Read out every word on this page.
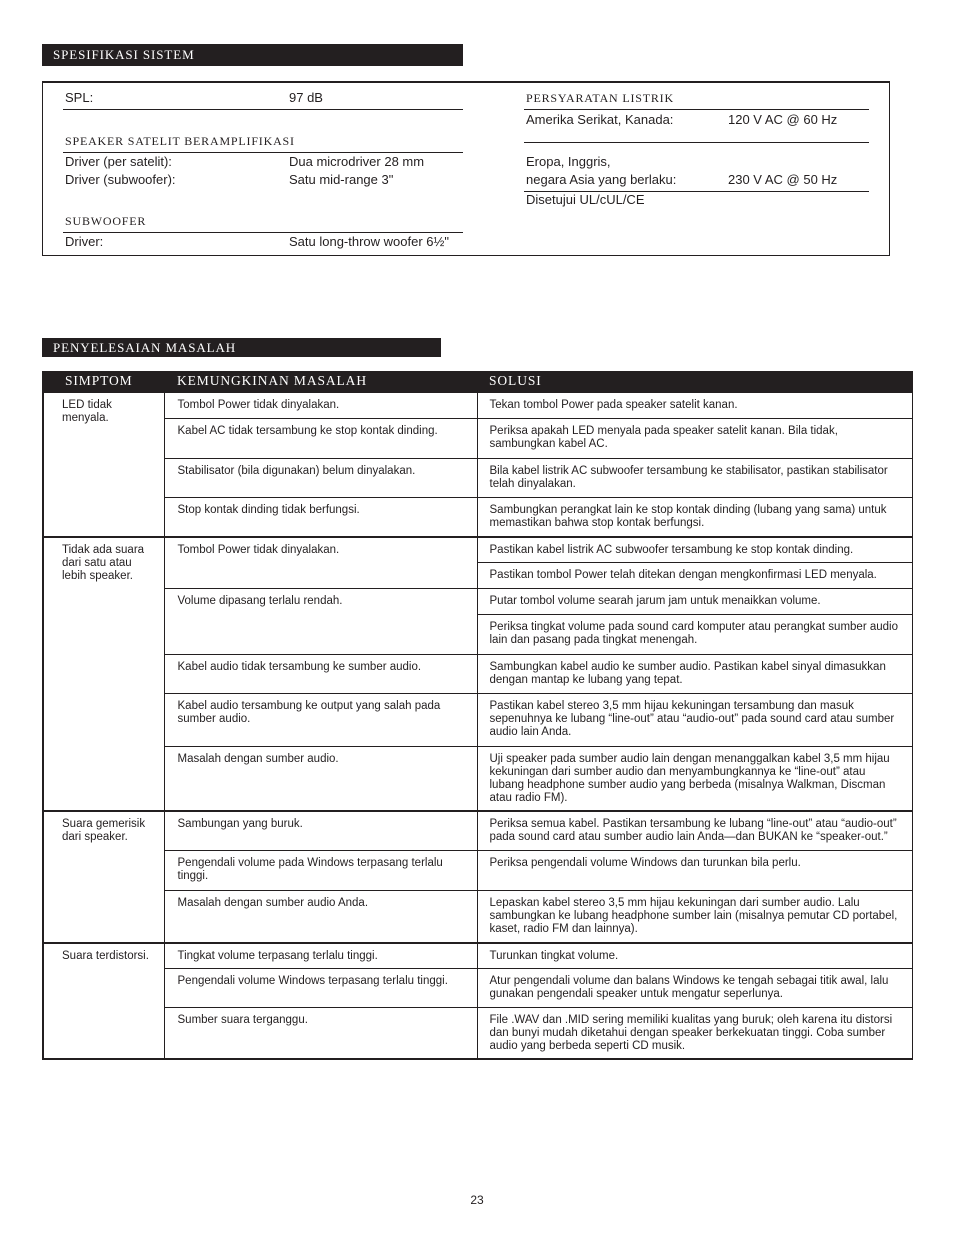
SPESIFIKASI SISTEM
SPL:	97 dB
SPEAKER SATELIT BERAMPLIFIKASI
Driver (per satelit):	Dua microdriver 28 mm
Driver (subwoofer):	Satu mid-range 3"
SUBWOOFER
Driver:	Satu long-throw woofer 6½"
PERSYARATAN LISTRIK
Amerika Serikat, Kanada:	120 V AC @ 60 Hz
Eropa, Inggris,
negara Asia yang berlaku:	230 V AC @ 50 Hz
Disetujui UL/cUL/CE
PENYELESAIAN MASALAH
SIMPTOM	KEMUNGKINAN MASALAH	SOLUSI
LED tidak menyala.	Tombol Power tidak dinyalakan.	Tekan tombol Power pada speaker satelit kanan.
	Kabel AC tidak tersambung ke stop kontak dinding.	Periksa apakah LED menyala pada speaker satelit kanan. Bila tidak, sambungkan kabel AC.
	Stabilisator (bila digunakan) belum dinyalakan.	Bila kabel listrik AC subwoofer tersambung ke stabilisator, pastikan stabilisator telah dinyalakan.
	Stop kontak dinding tidak berfungsi.	Sambungkan perangkat lain ke stop kontak dinding (lubang yang sama) untuk memastikan bahwa stop kontak berfungsi.
Tidak ada suara dari satu atau lebih speaker.	Tombol Power tidak dinyalakan.	Pastikan kabel listrik AC subwoofer tersambung ke stop kontak dinding.
		Pastikan tombol Power telah ditekan dengan mengkonfirmasi LED menyala.
	Volume dipasang terlalu rendah.	Putar tombol volume searah jarum jam untuk menaikkan volume.
		Periksa tingkat volume pada sound card komputer atau perangkat sumber audio lain dan pasang pada tingkat menengah.
	Kabel audio tidak tersambung ke sumber audio.	Sambungkan kabel audio ke sumber audio. Pastikan kabel sinyal dimasukkan dengan mantap ke lubang yang tepat.
	Kabel audio tersambung ke output yang salah pada sumber audio.	Pastikan kabel stereo 3,5 mm hijau kekuningan tersambung dan masuk sepenuhnya ke lubang “line-out” atau “audio-out” pada sound card atau sumber audio lain Anda.
	Masalah dengan sumber audio.	Uji speaker pada sumber audio lain dengan menanggalkan kabel 3,5 mm hijau kekuningan dari sumber audio dan menyambungkannya ke “line-out” atau lubang headphone sumber audio yang berbeda (misalnya Walkman, Discman atau radio FM).
Suara gemerisik dari speaker.	Sambungan yang buruk.	Periksa semua kabel. Pastikan tersambung ke lubang “line-out” atau “audio-out” pada sound card atau sumber audio lain Anda—dan BUKAN ke “speaker-out.”
	Pengendali volume pada Windows terpasang terlalu tinggi.	Periksa pengendali volume Windows dan turunkan bila perlu.
	Masalah dengan sumber audio Anda.	Lepaskan kabel stereo 3,5 mm hijau kekuningan dari sumber audio. Lalu sambungkan ke lubang headphone sumber lain (misalnya pemutar CD portabel, kaset, radio FM dan lainnya).
Suara terdistorsi.	Tingkat volume terpasang terlalu tinggi.	Turunkan tingkat volume.
	Pengendali volume Windows terpasang terlalu tinggi.	Atur pengendali volume dan balans Windows ke tengah sebagai titik awal, lalu gunakan pengendali speaker untuk mengatur seperlunya.
	Sumber suara terganggu.	File .WAV dan .MID sering memiliki kualitas yang buruk; oleh karena itu distorsi dan bunyi mudah diketahui dengan speaker berkekuatan tinggi. Coba sumber audio yang berbeda seperti CD musik.
23
